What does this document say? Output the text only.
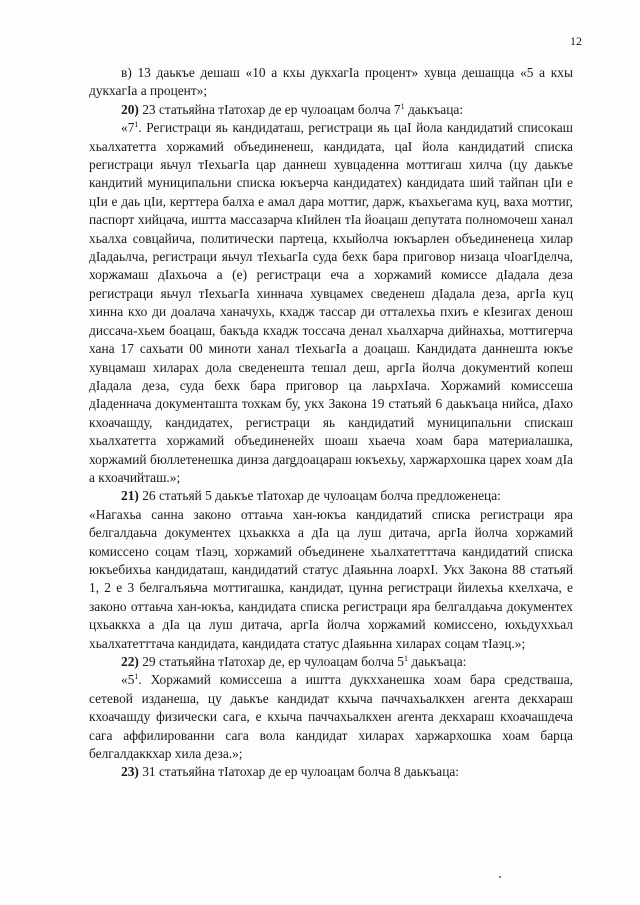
12

в) 13 даькъе дешаш «10 а кхы дукхагIа процент» хувца дешащца «5 а кхы дукхагIа а процент»;

20) 23 статьяйна тIатохар де ер чулоацам болча $7^1$ даькъаца:

«$7^1$. Регистраци яь кандидаташ, регистраци яь цаI йола кандидатий списокаш хьалхатетта хоржамий объединенеш, кандидата, цаI йола кандидатий списка регистраци яьчул тIехьагIа цар даннеш хувцаденна моттигаш хилча (цу даькъе кандитий муниципальни списка юкъерча кандидатех) кандидата ший тайпан цIи е цIи е даь цIи, керттера балха е амал дара моттиг, дарж, къахьегама куц, ваха моттиг, паспорт хийцача, иштта массазарча кIийлен тIа йоацаш депутата полномочеш ханал хьалха совцайича, политически партеца, кхыйолча юкъарлен объединенеца хилар дIадаьлча, регистраци яьчул тIехьагIа суда бехк бара приговор низаца чIоагIделча, хоржамаш дIахьоча а (е) регистраци еча а хоржамий комиссе дIадала деза регистраци яьчул тIехьагIа хиннача хувцамех сведенеш дIадала деза, аргIа куц хинна кхо ди доалача ханачухь, кхадж тассар ди отталехьа пхиъ е кIезигах денош диссача-хьем боацаш, бакъда кхадж тоссача денал хьалхарча дийнахьа, моттигерча хана 17 сахьати 00 минoти ханал тIехьагIа а доацаш. Кандидата даннешта юкъе хувцамаш хиларах дола сведенешта тешал деш, аргIа йолча документий копеш дIадала деза, суда бехк бара приговор ца лаьрхIача. Хоржамий комиссеша дIаденнача документашта тохкам бу, укх Закона 19 статьяй 6 даькъаца нийса, дIахо кхоачашду, кандидатех, регистраци яь кандидатий муниципальни спискаш хьалхатетта хоржамий объединенейх шоаш хьаеча хоам бара материалашка, хоржамий бюллетенешка динза дargдоацараш юкъехьу, харжархошка царех хоам дIа а кхоачийташ.»;

21) 26 статьяй 5 даькъе тIатохар де чулоацам болча предложенеца:

«Нагахьа санна законо оттаьча хан-юкъа кандидатий списка регистраци яра белгалдаьча документех цхьаккха а дIа ца луш дитача, аргIа йолча хоржамий комиссено соцам тIаэц, хоржамий объединене хьалхатетттача кандидатий списка юкъебихьа кандидаташ, кандидатий статус дIаяьнна лоархI. Укх Закона 88 статьяй 1, 2 е 3 белгалъяьча моттигашка, кандидат, цунна регистраци йилехьа кхелхача, е законо оттаьча хан-юкъа, кандидата списка регистраци яра белгалдаьча документех цхьаккха а дIа ца луш дитача, аргIа йолча хоржамий комиссено, юхьдуххьал хьалхатетттача кандидата, кандидата статус дIаяьнна хиларах соцам тIаэц.»;

22) 29 статьяйна тIатохар де, ер чулоацам болча $5^1$ даькъаца:

«$5^1$. Хоржамий комиссеша а иштта дукхханешка хоам бара средствашa, сетевой изданеша, цу даькъе кандидат кхыча паччахьалкхен агента декхараш кхоачашду физически сага, е кхыча паччахьалкхен агента декхараш кхоачашдеча сага аффилированни сага вола кандидат хиларах харжархошка хоам барца белгалдаккхар хила деза.»;

23) 31 статьяйна тIатохар де ер чулоацам болча 8 даькъаца:
